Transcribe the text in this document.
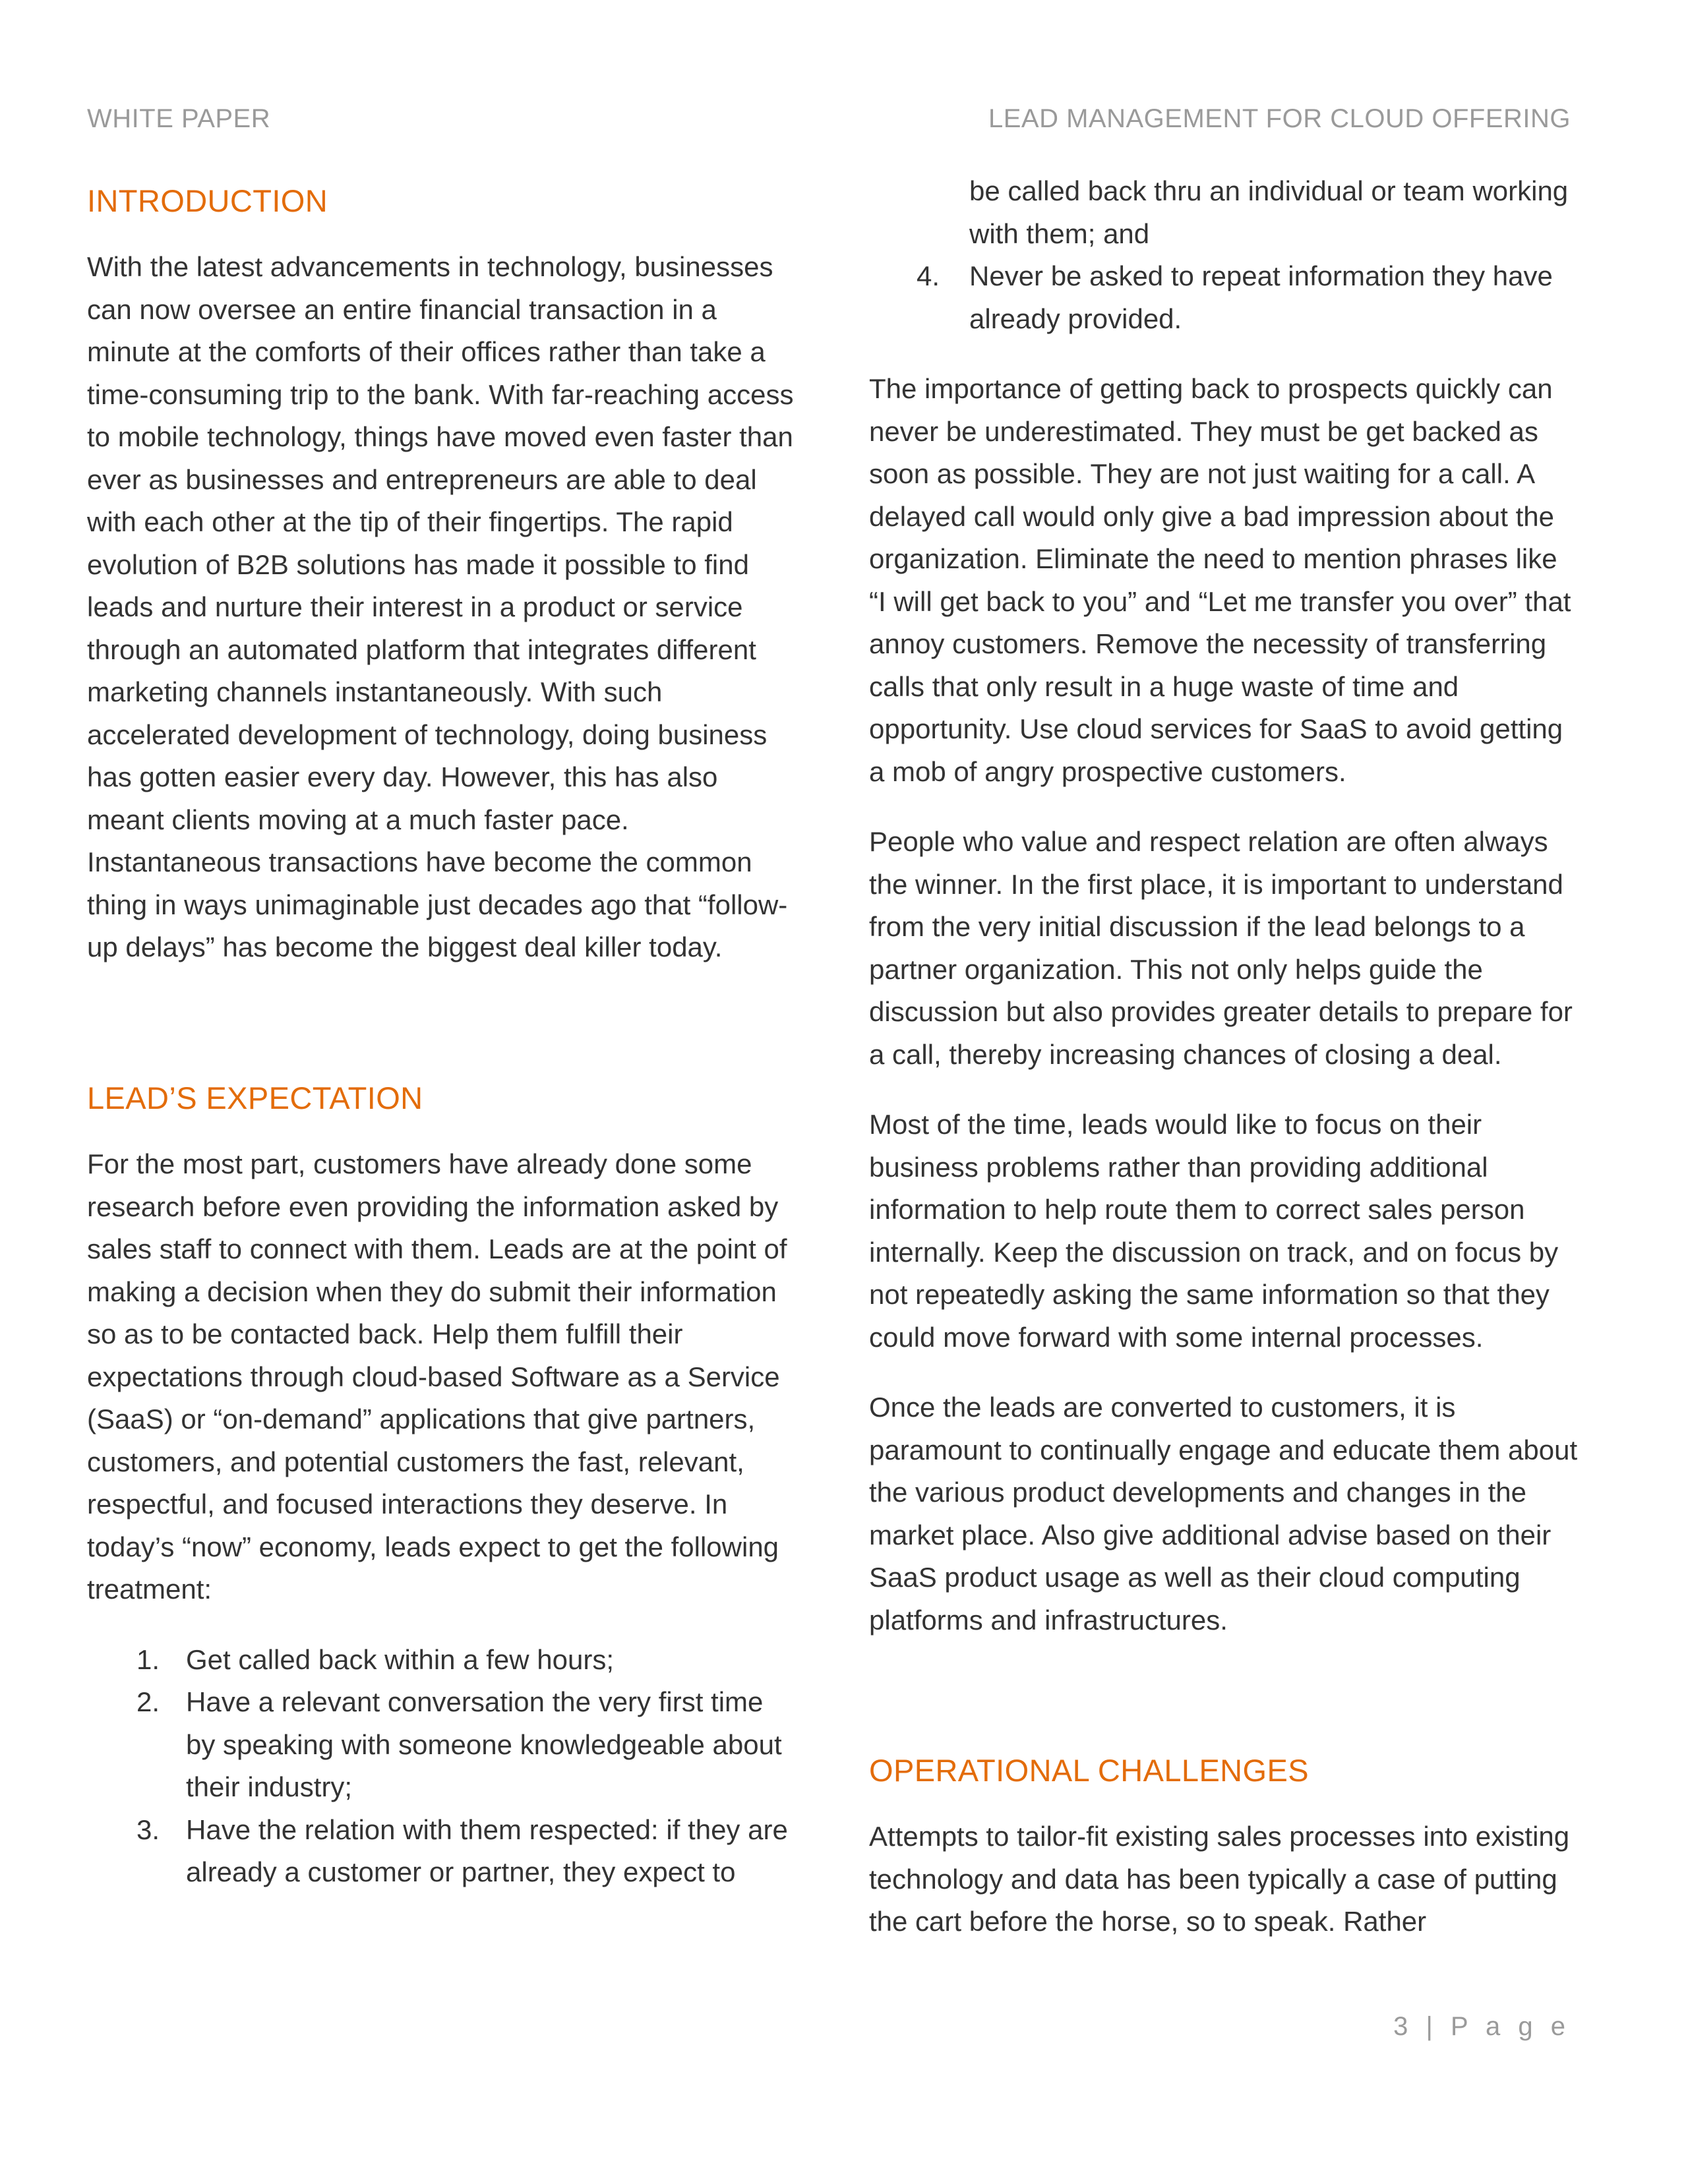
WHITE PAPER	LEAD MANAGEMENT FOR CLOUD OFFERING
INTRODUCTION

With the latest advancements in technology, businesses can now oversee an entire financial transaction in a minute at the comforts of their offices rather than take a time-consuming trip to the bank. With far-reaching access to mobile technology, things have moved even faster than ever as businesses and entrepreneurs are able to deal with each other at the tip of their fingertips. The rapid evolution of B2B solutions has made it possible to find leads and nurture their interest in a product or service through an automated platform that integrates different marketing channels instantaneously. With such accelerated development of technology, doing business has gotten easier every day. However, this has also meant clients moving at a much faster pace. Instantaneous transactions have become the common thing in ways unimaginable just decades ago that “follow-up delays” has become the biggest deal killer today.

LEAD’S EXPECTATION

For the most part, customers have already done some research before even providing the information asked by sales staff to connect with them. Leads are at the point of making a decision when they do submit their information so as to be contacted back. Help them fulfill their expectations through cloud-based Software as a Service (SaaS) or “on-demand” applications that give partners, customers, and potential customers the fast, relevant, respectful, and focused interactions they deserve. In today’s “now” economy, leads expect to get the following treatment:

1. Get called back within a few hours;
2. Have a relevant conversation the very first time by speaking with someone knowledgeable about their industry;
3. Have the relation with them respected: if they are already a customer or partner, they expect to
be called back thru an individual or team working with them; and
4.	Never be asked to repeat information they have already provided.

The importance of getting back to prospects quickly can never be underestimated. They must be get backed as soon as possible. They are not just waiting for a call. A delayed call would only give a bad impression about the organization. Eliminate the need to mention phrases like “I will get back to you” and “Let me transfer you over” that annoy customers. Remove the necessity of transferring calls that only result in a huge waste of time and opportunity. Use cloud services for SaaS to avoid getting a mob of angry prospective customers.

People who value and respect relation are often always the winner. In the first place, it is important to understand from the very initial discussion if the lead belongs to a partner organization. This not only helps guide the discussion but also provides greater details to prepare for a call, thereby increasing chances of closing a deal.

Most of the time, leads would like to focus on their business problems rather than providing additional information to help route them to correct sales person internally. Keep the discussion on track, and on focus by not repeatedly asking the same information so that they could move forward with some internal processes.

Once the leads are converted to customers, it is paramount to continually engage and educate them about the various product developments and changes in the market place. Also give additional advise based on their SaaS product usage as well as their cloud computing platforms and infrastructures.

OPERATIONAL CHALLENGES

Attempts to tailor-fit existing sales processes into existing technology and data has been typically a case of putting the cart before the horse, so to speak. Rather

3 | P a g e
